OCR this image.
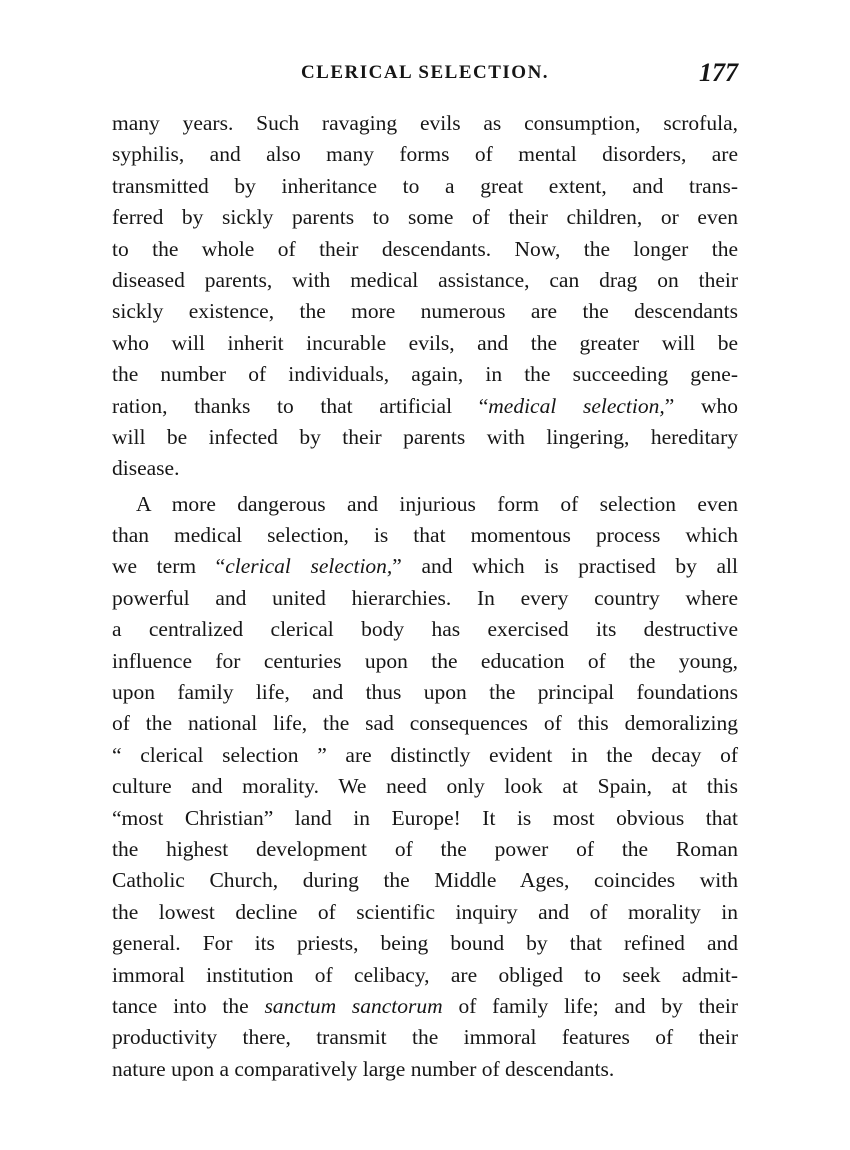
CLERICAL SELECTION.	177
many years. Such ravaging evils as consumption, scrofula,
syphilis, and also many forms of mental disorders, are
transmitted by inheritance to a great extent, and trans-
ferred by sickly parents to some of their children, or even
to the whole of their descendants. Now, the longer the
diseased parents, with medical assistance, can drag on their
sickly existence, the more numerous are the descendants
who will inherit incurable evils, and the greater will be
the number of individuals, again, in the succeeding gene-
ration, thanks to that artificial “medical selection,” who
will be infected by their parents with lingering, hereditary
disease.
A more dangerous and injurious form of selection even
than medical selection, is that momentous process which
we term “clerical selection,” and which is practised by all
powerful and united hierarchies. In every country where
a centralized clerical body has exercised its destructive
influence for centuries upon the education of the young,
upon family life, and thus upon the principal foundations
of the national life, the sad consequences of this demoralizing
“ clerical selection ” are distinctly evident in the decay of
culture and morality. We need only look at Spain, at this
“most Christian” land in Europe! It is most obvious that
the highest development of the power of the Roman
Catholic Church, during the Middle Ages, coincides with
the lowest decline of scientific inquiry and of morality in
general. For its priests, being bound by that refined and
immoral institution of celibacy, are obliged to seek admit-
tance into the sanctum sanctorum of family life; and by their
productivity there, transmit the immoral features of their
nature upon a comparatively large number of descendants.
